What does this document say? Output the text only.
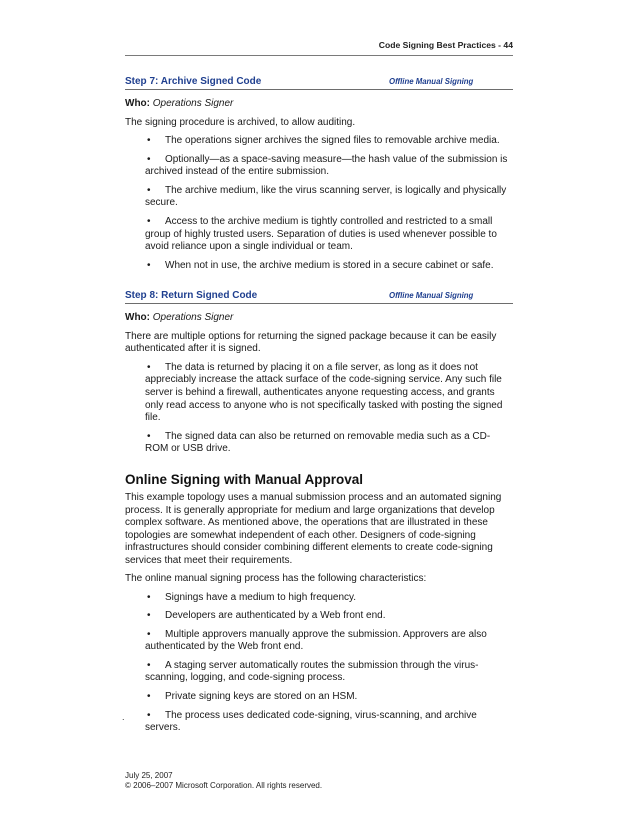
Code Signing Best Practices - 44
Step 7: Archive Signed Code	Offline Manual Signing

Who: Operations Signer

The signing procedure is archived, to allow auditing.

• The operations signer archives the signed files to removable archive media.
• Optionally—as a space-saving measure—the hash value of the submission is archived instead of the entire submission.
• The archive medium, like the virus scanning server, is logically and physically secure.
• Access to the archive medium is tightly controlled and restricted to a small group of highly trusted users. Separation of duties is used whenever possible to avoid reliance upon a single individual or team.
• When not in use, the archive medium is stored in a secure cabinet or safe.
Step 8: Return Signed Code	Offline Manual Signing

Who: Operations Signer

There are multiple options for returning the signed package because it can be easily authenticated after it is signed.

• The data is returned by placing it on a file server, as long as it does not appreciably increase the attack surface of the code-signing service. Any such file server is behind a firewall, authenticates anyone requesting access, and grants only read access to anyone who is not specifically tasked with posting the signed file.
• The signed data can also be returned on removable media such as a CD-ROM or USB drive.
Online Signing with Manual Approval

This example topology uses a manual submission process and an automated signing process. It is generally appropriate for medium and large organizations that develop complex software. As mentioned above, the operations that are illustrated in these topologies are somewhat independent of each other. Designers of code-signing infrastructures should consider combining different elements to create code-signing services that meet their requirements.

The online manual signing process has the following characteristics:

• Signings have a medium to high frequency.
• Developers are authenticated by a Web front end.
• Multiple approvers manually approve the submission. Approvers are also authenticated by the Web front end.
• A staging server automatically routes the submission through the virus-scanning, logging, and code-signing process.
• Private signing keys are stored on an HSM.
• The process uses dedicated code-signing, virus-scanning, and archive servers.
.
July 25, 2007
© 2006–2007 Microsoft Corporation. All rights reserved.
